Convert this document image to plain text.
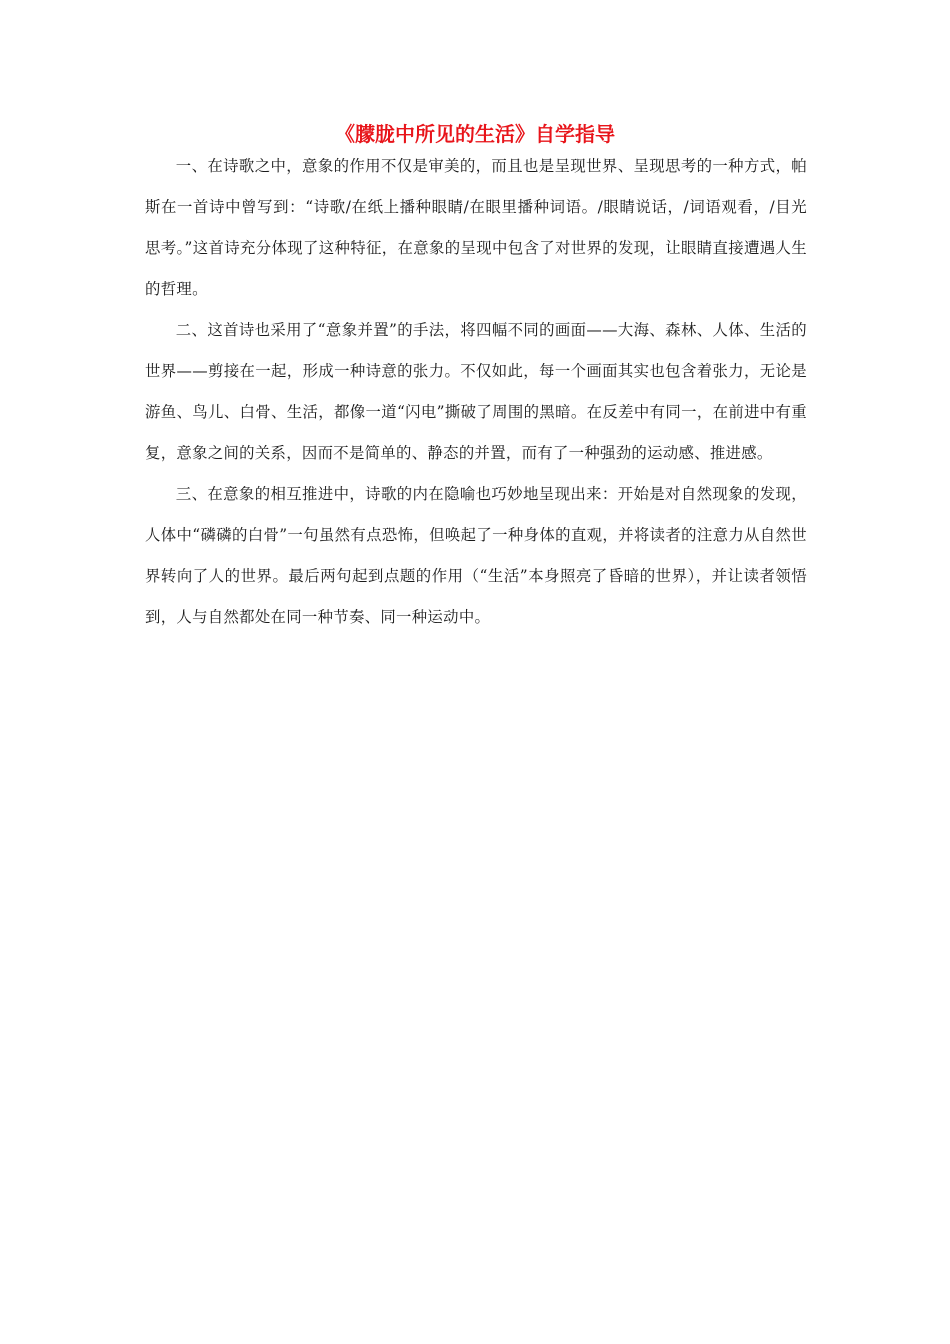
《朦胧中所见的生活》自学指导

一、在诗歌之中，意象的作用不仅是审美的，而且也是呈现世界、呈现思考的一种方式，帕斯在一首诗中曾写到：“诗歌/在纸上播种眼睛/在眼里播种词语。/眼睛说话，/词语观看，/目光思考。”这首诗充分体现了这种特征，在意象的呈现中包含了对世界的发现，让眼睛直接遭遇人生的哲理。

二、这首诗也采用了“意象并置”的手法，将四幅不同的画面——大海、森林、人体、生活的世界——剪接在一起，形成一种诗意的张力。不仅如此，每一个画面其实也包含着张力，无论是游鱼、鸟儿、白骨、生活，都像一道“闪电”撕破了周围的黑暗。在反差中有同一，在前进中有重复，意象之间的关系，因而不是简单的、静态的并置，而有了一种强劲的运动感、推进感。

三、在意象的相互推进中，诗歌的内在隐喻也巧妙地呈现出来：开始是对自然现象的发现，人体中“磷磷的白骨”一句虽然有点恐怖，但唤起了一种身体的直观，并将读者的注意力从自然世界转向了人的世界。最后两句起到点题的作用（“生活”本身照亮了昏暗的世界），并让读者领悟到，人与自然都处在同一种节奏、同一种运动中。
